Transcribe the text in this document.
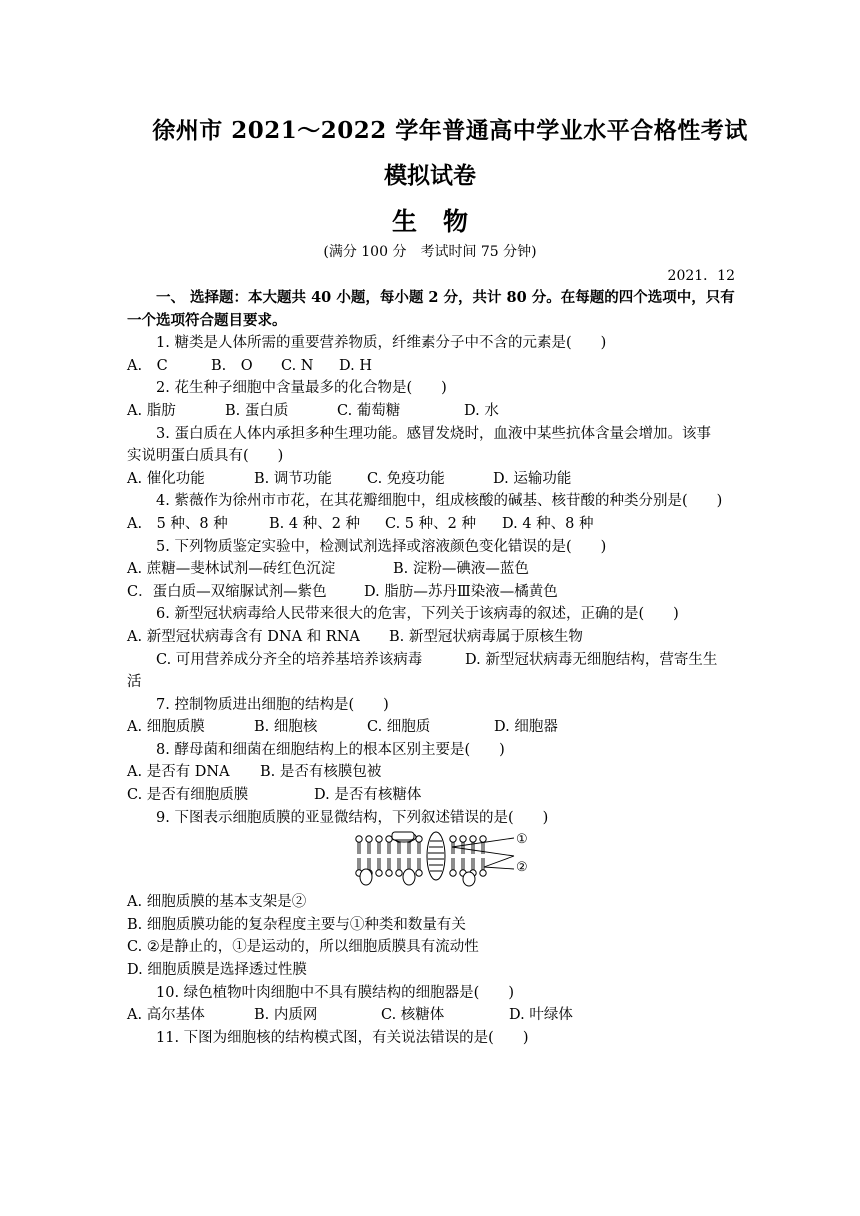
徐州市 2021～2022 学年普通高中学业水平合格性考试
模拟试卷
生物
(满分 100 分　考试时间 75 分钟)
2021．12
一、 选择题：本大题共 40 小题，每小题 2 分，共计 80 分。在每题的四个选项中，只有
一个选项符合题目要求。
1. 糖类是人体所需的重要营养物质，纤维素分子中不含的元素是(　　)
A.　C	B.　O	C. N	D. H
2. 花生种子细胞中含量最多的化合物是(　　)
A. 脂肪	B. 蛋白质	C. 葡萄糖	D. 水
3. 蛋白质在人体内承担多种生理功能。感冒发烧时，血液中某些抗体含量会增加。该事
实说明蛋白质具有(　　)
A. 催化功能	B. 调节功能	C. 免疫功能	D. 运输功能
4. 紫薇作为徐州市市花，在其花瓣细胞中，组成核酸的碱基、核苷酸的种类分别是(　　)
A.　5 种、8 种	B. 4 种、2 种	C. 5 种、2 种	D. 4 种、8 种
5. 下列物质鉴定实验中，检测试剂选择或溶液颜色变化错误的是(　　)
A. 蔗糖—斐林试剂—砖红色沉淀	B. 淀粉—碘液—蓝色
C．蛋白质—双缩脲试剂—紫色	D. 脂肪—苏丹Ⅲ染液—橘黄色
6. 新型冠状病毒给人民带来很大的危害，下列关于该病毒的叙述，正确的是(　　)
A. 新型冠状病毒含有 DNA 和 RNA	B. 新型冠状病毒属于原核生物
C. 可用营养成分齐全的培养基培养该病毒	D. 新型冠状病毒无细胞结构，营寄生生
活
7. 控制物质进出细胞的结构是(　　)
A. 细胞质膜	B. 细胞核	C. 细胞质	D. 细胞器
8. 酵母菌和细菌在细胞结构上的根本区别主要是(　　)
A. 是否有 DNA	B. 是否有核膜包被
C. 是否有细胞质膜	D. 是否有核糖体
9. 下图表示细胞质膜的亚显微结构，下列叙述错误的是(　　)
①
②
A. 细胞质膜的基本支架是②
B. 细胞质膜功能的复杂程度主要与①种类和数量有关
C. ②是静止的，①是运动的，所以细胞质膜具有流动性
D. 细胞质膜是选择透过性膜
10. 绿色植物叶肉细胞中不具有膜结构的细胞器是(　　)
A. 高尔基体	B. 内质网	C. 核糖体	D. 叶绿体
11. 下图为细胞核的结构模式图，有关说法错误的是(　　)
